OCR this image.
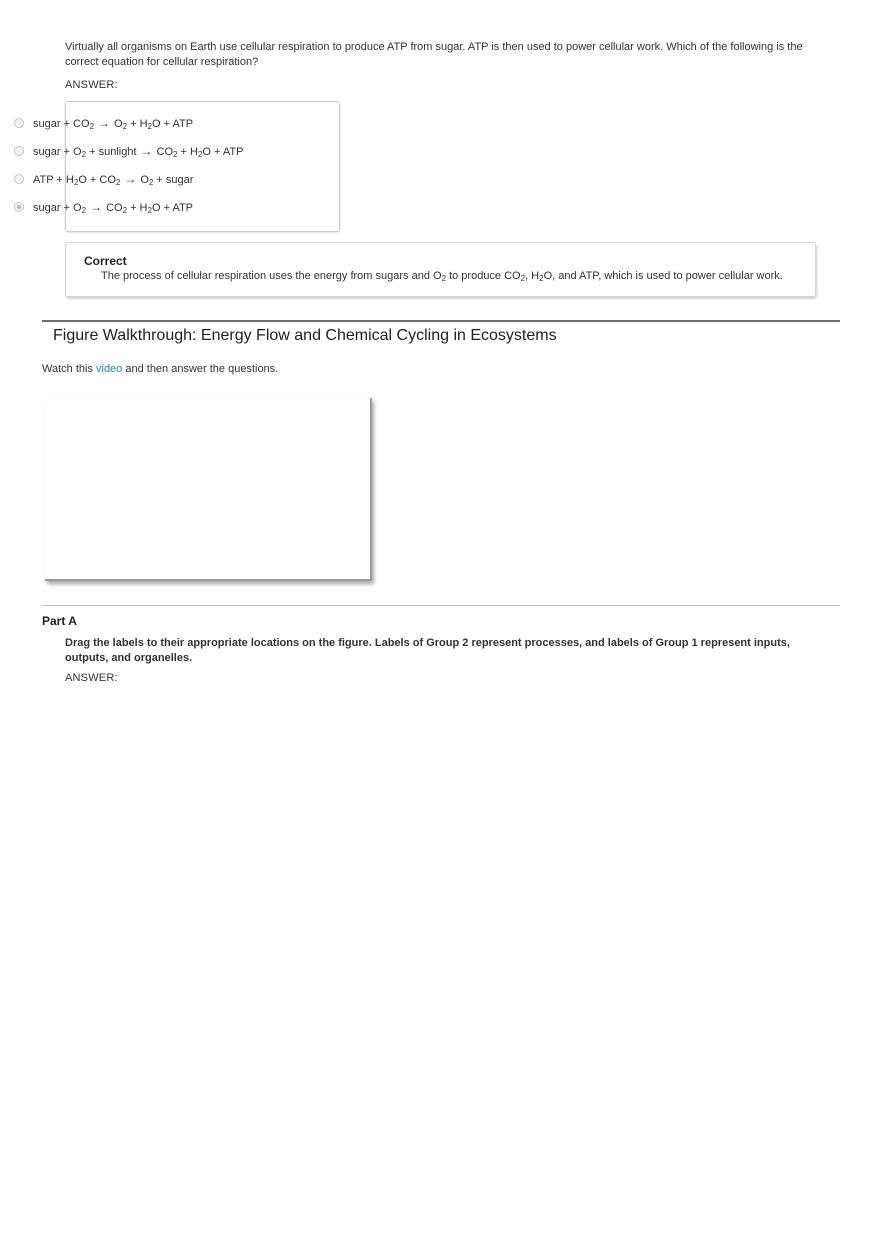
Virtually all organisms on Earth use cellular respiration to produce ATP from sugar. ATP is then used to power cellular work. Which of the following is the correct equation for cellular respiration?
ANSWER:
sugar + $CO_2 \to O_2 + H_2O$ + ATP
sugar + $O_2$ + sunlight → $CO_2 + H_2O$ + ATP
ATP + $H_2O + CO_2 \to O_2$ + sugar
sugar + $O_2 \to CO_2 + H_2O$ + ATP
Correct
The process of cellular respiration uses the energy from sugars and $O_2$ to produce $CO_2$, $H_2O$, and ATP, which is used to power cellular work.
Figure Walkthrough: Energy Flow and Chemical Cycling in Ecosystems
Watch this video and then answer the questions.
Part A
Drag the labels to their appropriate locations on the figure. Labels of Group 2 represent processes, and labels of Group 1 represent inputs, outputs, and organelles.
ANSWER:
